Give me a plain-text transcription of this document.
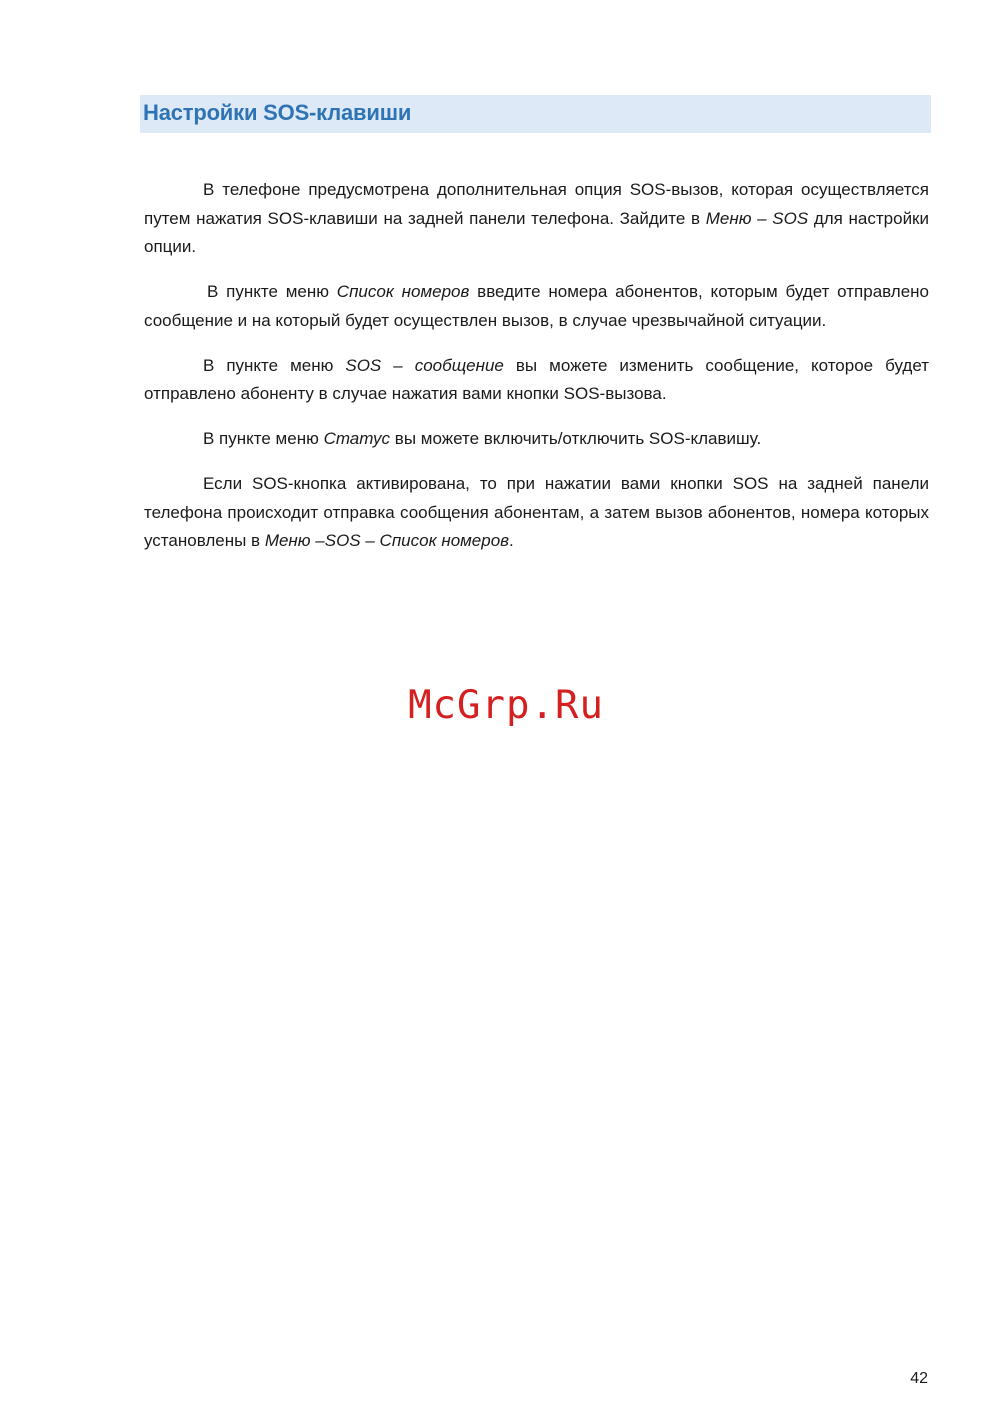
Настройки SOS-клавиши

В телефоне предусмотрена дополнительная опция SOS-вызов, которая осуществляется путем нажатия SOS-клавиши на задней панели телефона. Зайдите в Меню – SOS для настройки опции.

В пункте меню Список номеров введите номера абонентов, которым будет отправлено сообщение и на который будет осуществлен вызов, в случае чрезвычайной ситуации.

В пункте меню SOS – сообщение вы можете изменить сообщение, которое будет отправлено абоненту в случае нажатия вами кнопки SOS-вызова.

В пункте меню Статус вы можете включить/отключить SOS-клавишу.

Если SOS-кнопка активирована, то при нажатии вами кнопки SOS на задней панели телефона происходит отправка сообщения абонентам, а затем вызов абонентов, номера которых установлены в Меню –SOS – Список номеров.

McGrp.Ru
42
